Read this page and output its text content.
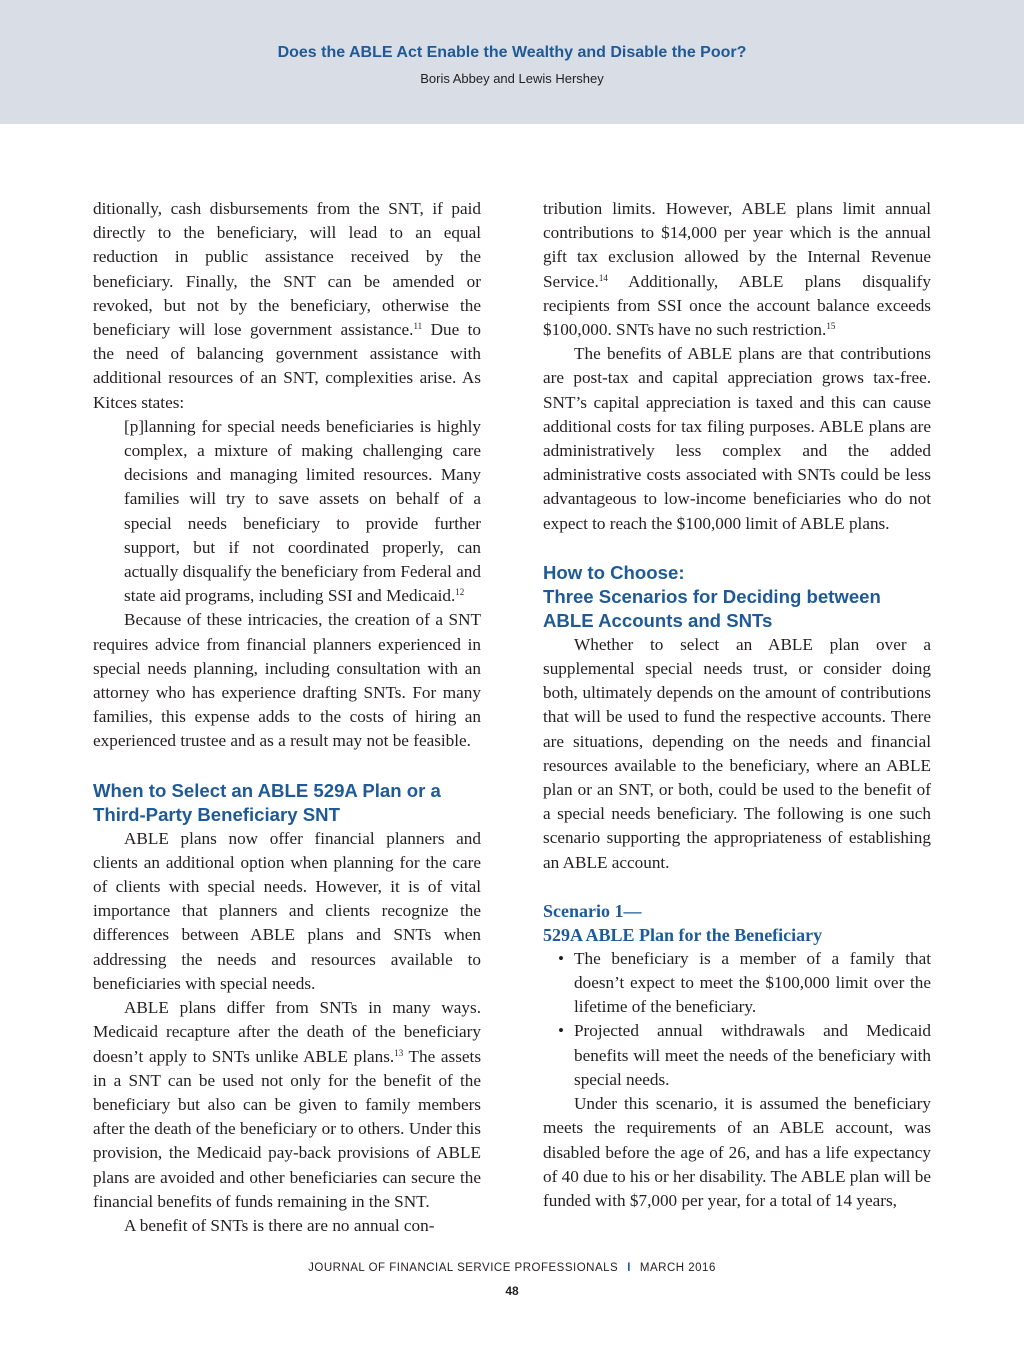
Does the ABLE Act Enable the Wealthy and Disable the Poor?
Boris Abbey and Lewis Hershey

ditionally, cash disbursements from the SNT, if paid directly to the beneficiary, will lead to an equal reduction in public assistance received by the beneficiary. Finally, the SNT can be amended or revoked, but not by the beneficiary, otherwise the beneficiary will lose government assistance.$^{11}$ Due to the need of balancing government assistance with additional resources of an SNT, complexities arise. As Kitces states:

[p]lanning for special needs beneficiaries is highly complex, a mixture of making challenging care decisions and managing limited resources. Many families will try to save assets on behalf of a special needs beneficiary to provide further support, but if not coordinated properly, can actually disqualify the beneficiary from Federal and state aid programs, including SSI and Medicaid.$^{12}$

Because of these intricacies, the creation of a SNT requires advice from financial planners experienced in special needs planning, including consultation with an attorney who has experience drafting SNTs. For many families, this expense adds to the costs of hiring an experienced trustee and as a result may not be feasible.

When to Select an ABLE 529A Plan or a
Third-Party Beneficiary SNT

ABLE plans now offer financial planners and clients an additional option when planning for the care of clients with special needs. However, it is of vital importance that planners and clients recognize the differences between ABLE plans and SNTs when addressing the needs and resources available to beneficiaries with special needs.

ABLE plans differ from SNTs in many ways. Medicaid recapture after the death of the beneficiary doesn’t apply to SNTs unlike ABLE plans.$^{13}$ The assets in a SNT can be used not only for the benefit of the beneficiary but also can be given to family members after the death of the beneficiary or to others. Under this provision, the Medicaid pay-back provisions of ABLE plans are avoided and other beneficiaries can secure the financial benefits of funds remaining in the SNT.

A benefit of SNTs is there are no annual con-

tribution limits. However, ABLE plans limit annual contributions to $14,000 per year which is the annual gift tax exclusion allowed by the Internal Revenue Service.$^{14}$ Additionally, ABLE plans disqualify recipients from SSI once the account balance exceeds $100,000. SNTs have no such restriction.$^{15}$

The benefits of ABLE plans are that contributions are post-tax and capital appreciation grows tax-free. SNT’s capital appreciation is taxed and this can cause additional costs for tax filing purposes. ABLE plans are administratively less complex and the added administrative costs associated with SNTs could be less advantageous to low-income beneficiaries who do not expect to reach the $100,000 limit of ABLE plans.

How to Choose:
Three Scenarios for Deciding between
ABLE Accounts and SNTs

Whether to select an ABLE plan over a supplemental special needs trust, or consider doing both, ultimately depends on the amount of contributions that will be used to fund the respective accounts. There are situations, depending on the needs and financial resources available to the beneficiary, where an ABLE plan or an SNT, or both, could be used to the benefit of a special needs beneficiary. The following is one such scenario supporting the appropriateness of establishing an ABLE account.

Scenario 1—
529A ABLE Plan for the Beneficiary
• The beneficiary is a member of a family that doesn’t expect to meet the $100,000 limit over the lifetime of the beneficiary.
• Projected annual withdrawals and Medicaid benefits will meet the needs of the beneficiary with special needs.

Under this scenario, it is assumed the beneficiary meets the requirements of an ABLE account, was disabled before the age of 26, and has a life expectancy of 40 due to his or her disability. The ABLE plan will be funded with $7,000 per year, for a total of 14 years,

JOURNAL OF FINANCIAL SERVICE PROFESSIONALS I MARCH 2016
48
